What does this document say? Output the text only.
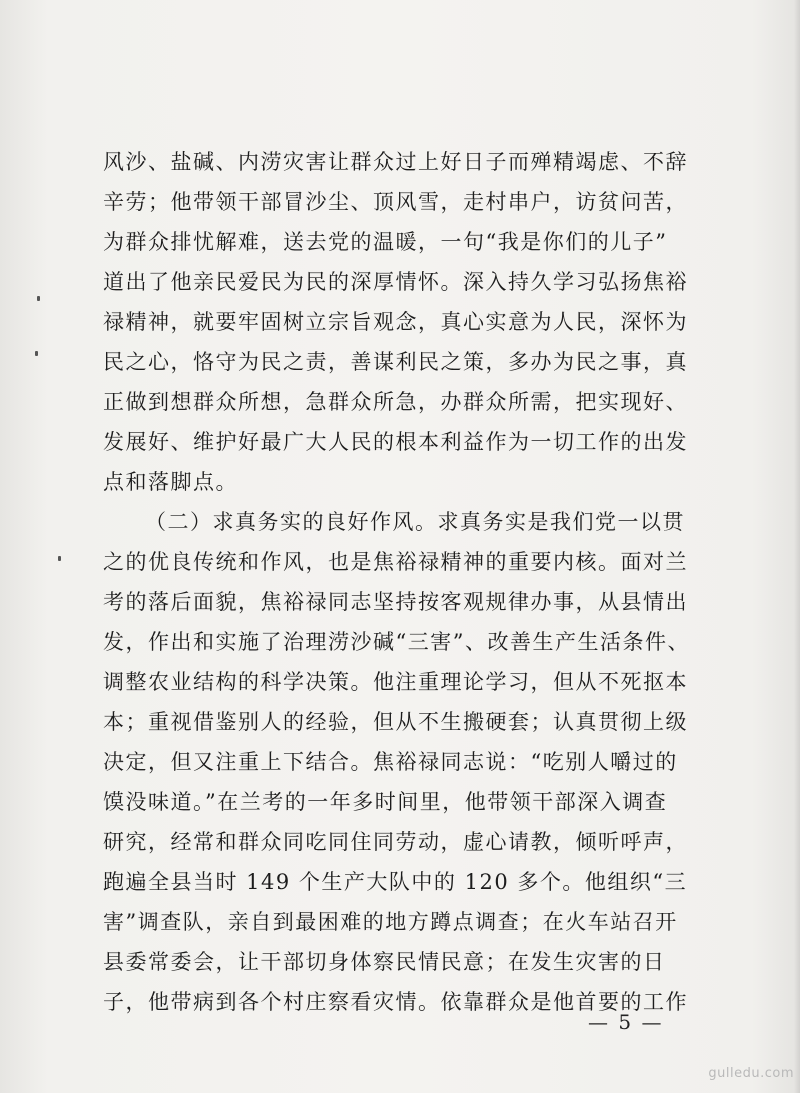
风沙、盐碱、内涝灾害让群众过上好日子而殚精竭虑、不辞
辛劳；他带领干部冒沙尘、顶风雪，走村串户，访贫问苦，
为群众排忧解难，送去党的温暖，一句“我是你们的儿子”
道出了他亲民爱民为民的深厚情怀。深入持久学习弘扬焦裕
禄精神，就要牢固树立宗旨观念，真心实意为人民，深怀为
民之心，恪守为民之责，善谋利民之策，多办为民之事，真
正做到想群众所想，急群众所急，办群众所需，把实现好、
发展好、维护好最广大人民的根本利益作为一切工作的出发
点和落脚点。
（二）求真务实的良好作风。求真务实是我们党一以贯
之的优良传统和作风，也是焦裕禄精神的重要内核。面对兰
考的落后面貌，焦裕禄同志坚持按客观规律办事，从县情出
发，作出和实施了治理涝沙碱“三害”、改善生产生活条件、
调整农业结构的科学决策。他注重理论学习，但从不死抠本
本；重视借鉴别人的经验，但从不生搬硬套；认真贯彻上级
决定，但又注重上下结合。焦裕禄同志说：“吃别人嚼过的
馍没味道。”在兰考的一年多时间里，他带领干部深入调查
研究，经常和群众同吃同住同劳动，虚心请教，倾听呼声，
跑遍全县当时 149 个生产大队中的 120 多个。他组织“三
害”调查队，亲自到最困难的地方蹲点调查；在火车站召开
县委常委会，让干部切身体察民情民意；在发生灾害的日
子，他带病到各个村庄察看灾情。依靠群众是他首要的工作
— 5 —
gulledu.com
